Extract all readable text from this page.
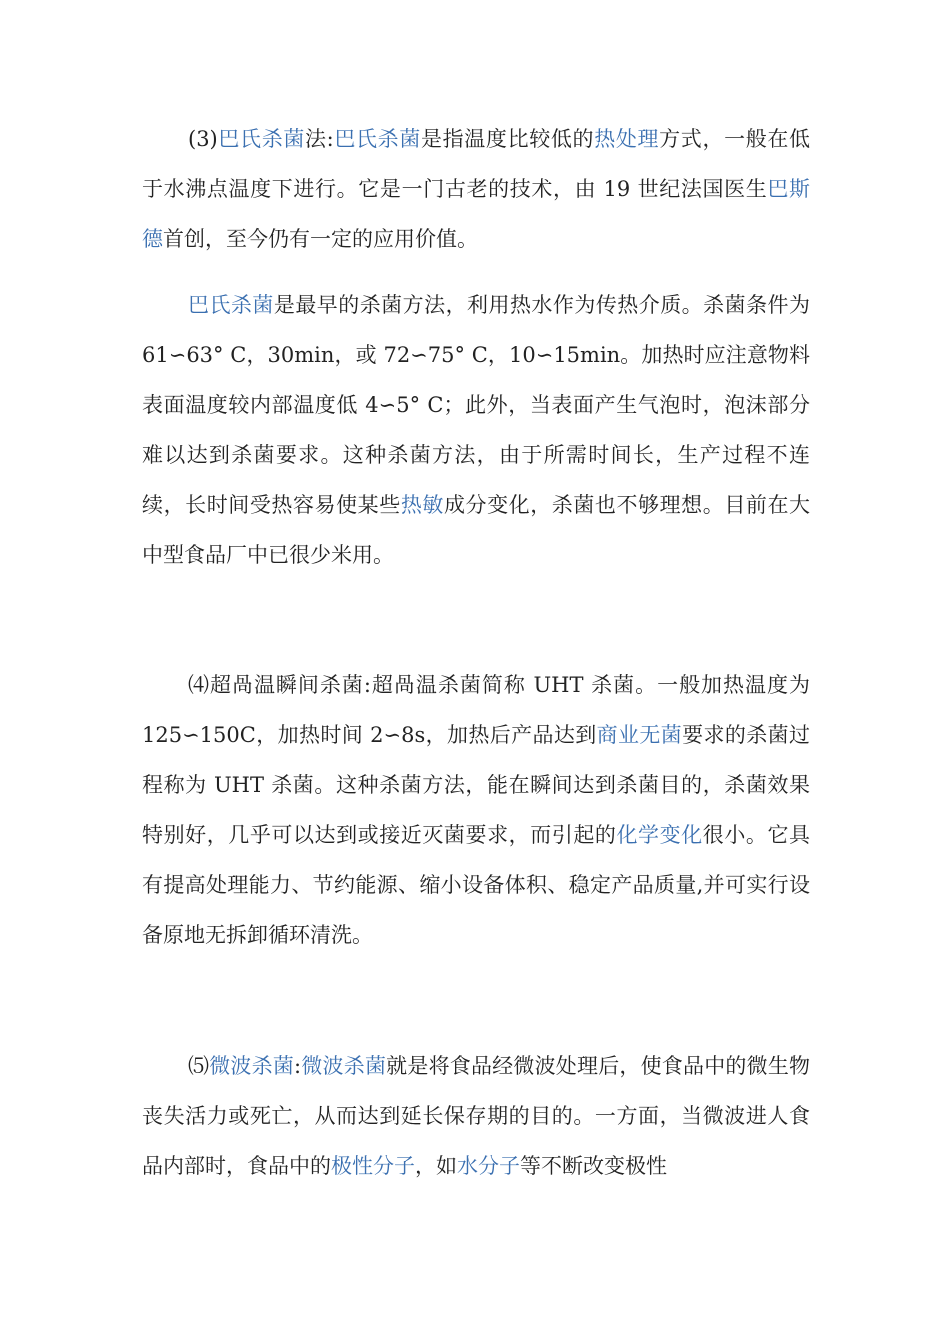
(3)巴氏杀菌法:巴氏杀菌是指温度比较低的热处理方式，一般在低于水沸点温度下进行。它是一门古老的技术，由 19 世纪法国医生巴斯德首创，至今仍有一定的应用价值。

巴氏杀菌是最早的杀菌方法，利用热水作为传热介质。杀菌条件为 61∽63° C，30min，或 72∽75° C，10∽15min。加热时应注意物料表面温度较内部温度低 4∽5° C；此外，当表面产生气泡时，泡沫部分难以达到杀菌要求。这种杀菌方法，由于所需时间长，生产过程不连续，长时间受热容易使某些热敏成分变化，杀菌也不够理想。目前在大中型食品厂中已很少米用。

⑷超咼温瞬间杀菌:超咼温杀菌简称 UHT 杀菌。一般加热温度为 125∽150C，加热时间 2∽8s，加热后产品达到商业无菌要求的杀菌过程称为 UHT 杀菌。这种杀菌方法，能在瞬间达到杀菌目的，杀菌效果特别好，几乎可以达到或接近灭菌要求，而引起的化学变化很小。它具有提高处理能力、节约能源、缩小设备体积、稳定产品质量,并可实行设备原地无拆卸循环清洗。

⑸微波杀菌:微波杀菌就是将食品经微波处理后，使食品中的微生物丧失活力或死亡，从而达到延长保存期的目的。一方面，当微波进人食品内部时，食品中的极性分子，如水分子等不断改变极性
